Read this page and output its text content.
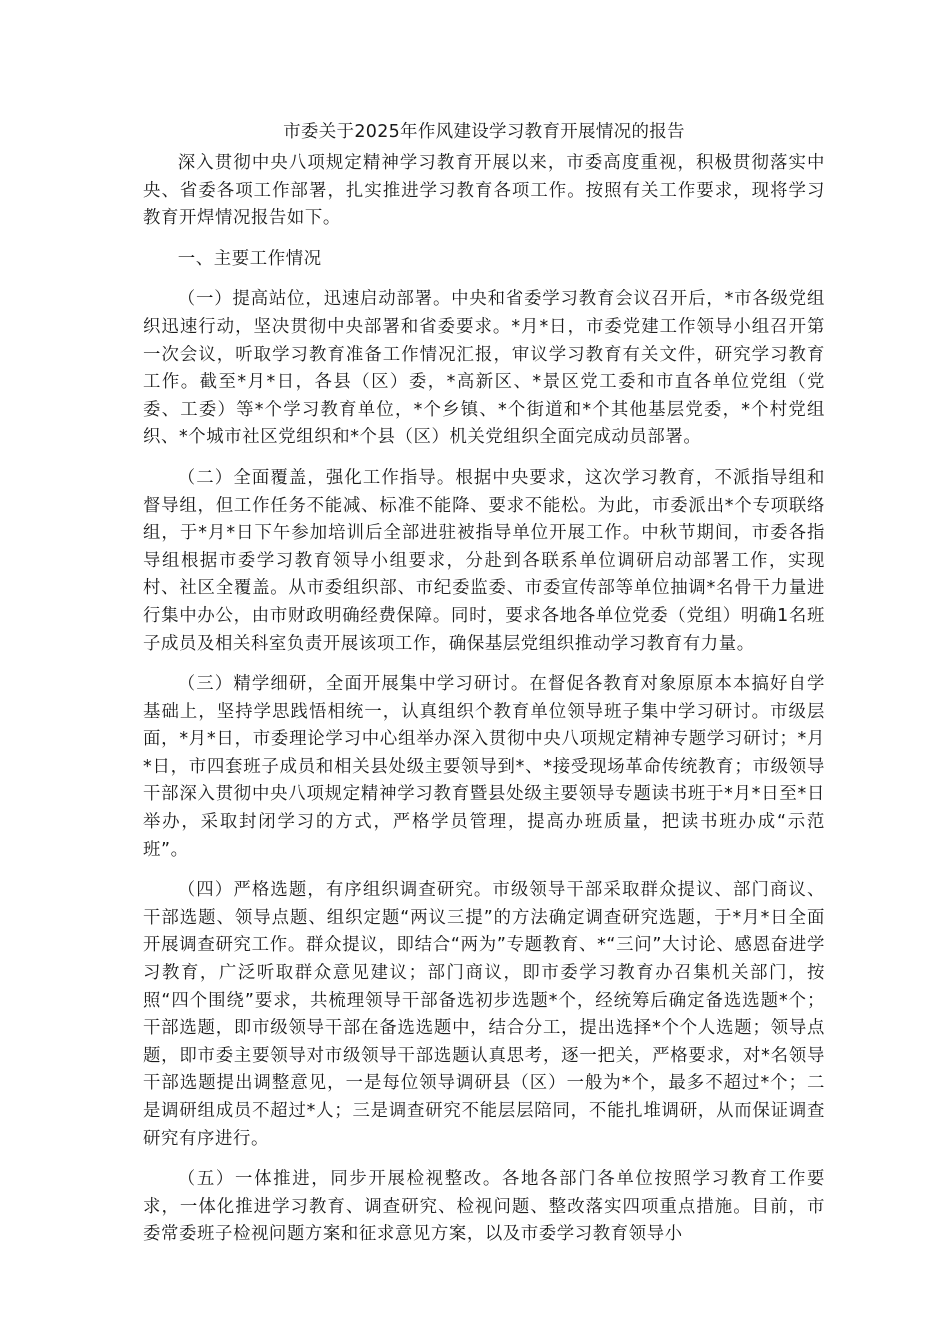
市委关于2025年作风建设学习教育开展情况的报告

深入贯彻中央八项规定精神学习教育开展以来，市委高度重视，积极贯彻落实中央、省委各项工作部署，扎实推进学习教育各项工作。按照有关工作要求，现将学习教育开焊情况报告如下。

一、主要工作情况

（一）提高站位，迅速启动部署。中央和省委学习教育会议召开后，*市各级党组织迅速行动，坚决贯彻中央部署和省委要求。*月*日，市委党建工作领导小组召开第一次会议，听取学习教育准备工作情况汇报，审议学习教育有关文件，研究学习教育工作。截至*月*日，各县（区）委，*高新区、*景区党工委和市直各单位党组（党委、工委）等*个学习教育单位，*个乡镇、*个街道和*个其他基层党委，*个村党组织、*个城市社区党组织和*个县（区）机关党组织全面完成动员部署。

（二）全面覆盖，强化工作指导。根据中央要求，这次学习教育，不派指导组和督导组，但工作任务不能减、标准不能降、要求不能松。为此，市委派出*个专项联络组，于*月*日下午参加培训后全部进驻被指导单位开展工作。中秋节期间，市委各指导组根据市委学习教育领导小组要求，分赴到各联系单位调研启动部署工作，实现村、社区全覆盖。从市委组织部、市纪委监委、市委宣传部等单位抽调*名骨干力量进行集中办公，由市财政明确经费保障。同时，要求各地各单位党委（党组）明确1名班子成员及相关科室负责开展该项工作，确保基层党组织推动学习教育有力量。

（三）精学细研，全面开展集中学习研讨。在督促各教育对象原原本本搞好自学基础上，坚持学思践悟相统一，认真组织个教育单位领导班子集中学习研讨。市级层面，*月*日，市委理论学习中心组举办深入贯彻中央八项规定精神专题学习研讨；*月*日，市四套班子成员和相关县处级主要领导到*、*接受现场革命传统教育；市级领导干部深入贯彻中央八项规定精神学习教育暨县处级主要领导专题读书班于*月*日至*日举办，采取封闭学习的方式，严格学员管理，提高办班质量，把读书班办成“示范班”。

（四）严格选题，有序组织调查研究。市级领导干部采取群众提议、部门商议、干部选题、领导点题、组织定题“两议三提”的方法确定调查研究选题，于*月*日全面开展调查研究工作。群众提议，即结合“两为”专题教育、*“三问”大讨论、感恩奋进学习教育，广泛听取群众意见建议；部门商议，即市委学习教育办召集机关部门，按照“四个围绕”要求，共梳理领导干部备选初步选题*个，经统筹后确定备选选题*个；干部选题，即市级领导干部在备选选题中，结合分工，提出选择*个个人选题；领导点题，即市委主要领导对市级领导干部选题认真思考，逐一把关，严格要求，对*名领导干部选题提出调整意见，一是每位领导调研县（区）一般为*个，最多不超过*个；二是调研组成员不超过*人；三是调查研究不能层层陪同，不能扎堆调研，从而保证调查研究有序进行。

（五）一体推进，同步开展检视整改。各地各部门各单位按照学习教育工作要求，一体化推进学习教育、调查研究、检视问题、整改落实四项重点措施。目前，市委常委班子检视问题方案和征求意见方案，以及市委学习教育领导小
